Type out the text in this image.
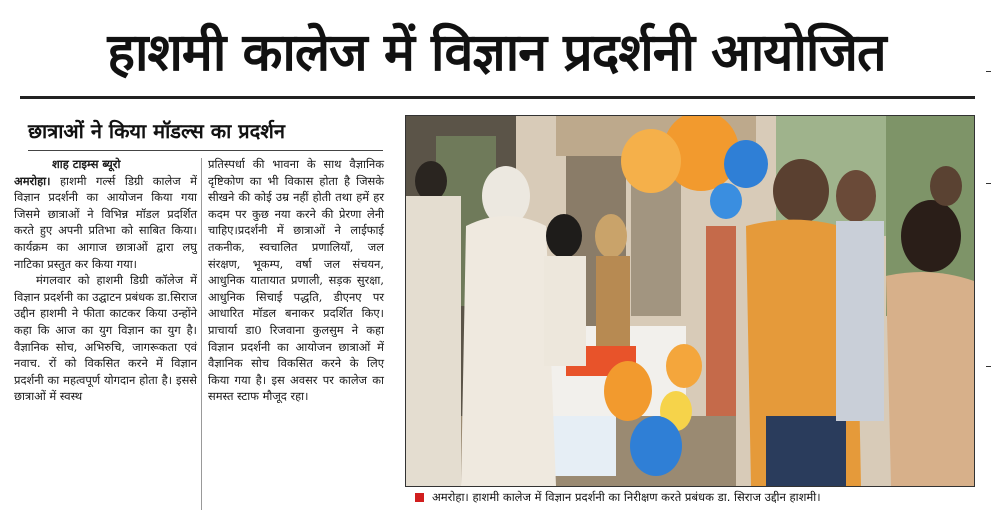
हाशमी कालेज में विज्ञान प्रदर्शनी आयोजित
छात्राओं ने किया मॉडल्स का प्रदर्शन
शाह टाइम्स ब्यूरो

अमरोहा। हाशमी गर्ल्स डिग्री कालेज में विज्ञान प्रदर्शनी का आयोजन किया गया जिसमे छात्राओं ने विभिन्न मॉडल प्रदर्शित करते हुए अपनी प्रतिभा को साबित किया। कार्यक्रम का आगाज छात्राओं द्वारा लघु नाटिका प्रस्तुत कर किया गया।

मंगलवार को हाशमी डिग्री कॉलेज में विज्ञान प्रदर्शनी का उद्घाटन प्रबंधक डा.सिराज उद्दीन हाशमी ने फीता काटकर किया उन्होंने कहा कि आज का युग विज्ञान का युग है। वैज्ञानिक सोच, अभिरुचि, जागरूकता एवं नवाच. रों को विकसित करने में विज्ञान प्रदर्शनी का महत्वपूर्ण योगदान होता है। इससे छात्राओं में स्वस्थ

प्रतिस्पर्धा की भावना के साथ वैज्ञानिक दृष्टिकोण का भी विकास होता है जिसके सीखने की कोई उम्र नहीं होती तथा हमें हर कदम पर कुछ नया करने की प्रेरणा लेनी चाहिए।प्रदर्शनी में छात्राओं ने लाईफाई तकनीक, स्वचालित प्रणालियॉं, जल संरक्षण, भूकम्प, वर्षा जल संचयन, आधुनिक यातायात प्रणाली, सड़क सुरक्षा, आधुनिक सिचाई पद्धति, डीएनए पर आधारित मॉडल बनाकर प्रदर्शित किए। प्राचार्या डा0 रिजवाना कुलसुम ने कहा विज्ञान प्रदर्शनी का आयोजन छात्राओं में वैज्ञानिक सोच विकसित करने के लिए किया गया है। इस अवसर पर कालेज का समस्त स्टाफ मौजूद रहा।

अमरोहा। हाशमी कालेज में विज्ञान प्रदर्शनी का निरीक्षण करते प्रबंधक डा. सिराज उद्दीन हाशमी।
